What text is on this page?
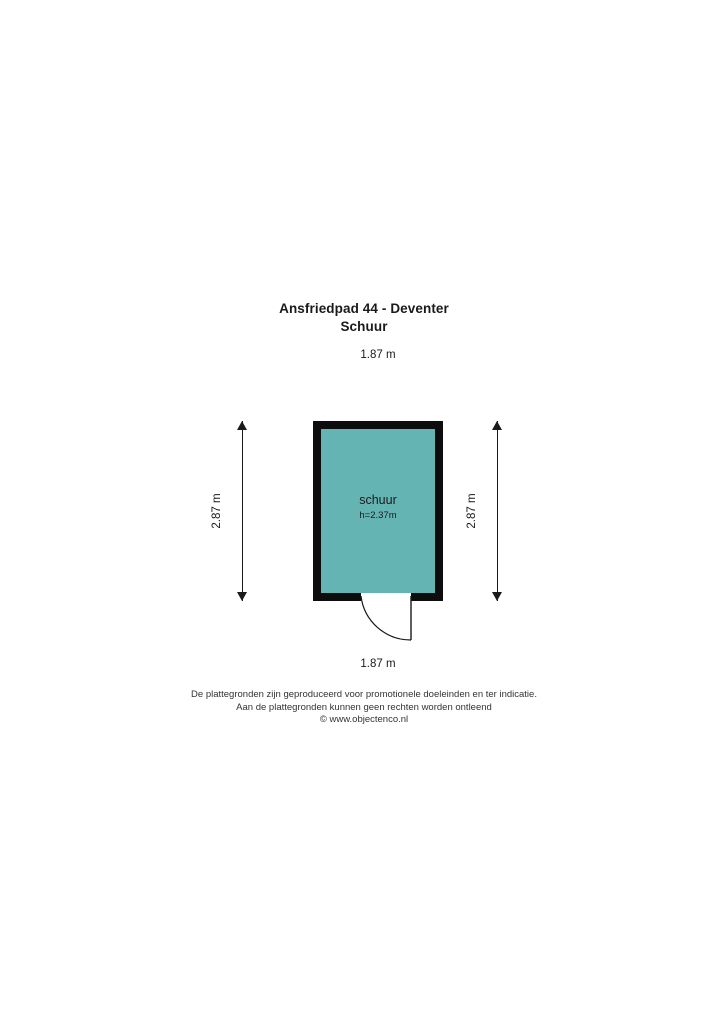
Ansfriedpad 44 - Deventer
Schuur
1.87 m
2.87 m	2.87 m
schuur
h=2.37m
1.87 m
De plattegronden zijn geproduceerd voor promotionele doeleinden en ter indicatie.
Aan de plattegronden kunnen geen rechten worden ontleend
© www.objectenco.nl
